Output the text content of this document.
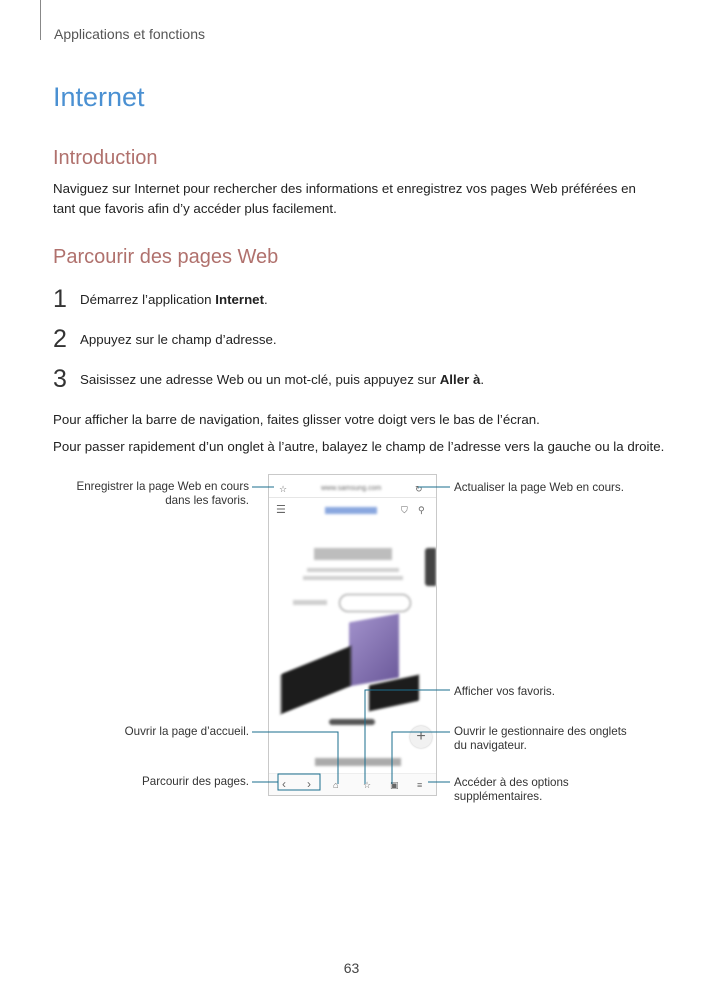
Applications et fonctions
Internet
Introduction
Naviguez sur Internet pour rechercher des informations et enregistrez vos pages Web préférées en
tant que favoris afin d’y accéder plus facilement.
Parcourir des pages Web
1 Démarrez l’application Internet.
2 Appuyez sur le champ d’adresse.
3 Saisissez une adresse Web ou un mot-clé, puis appuyez sur Aller à.
Pour afficher la barre de navigation, faites glisser votre doigt vers le bas de l’écran.
Pour passer rapidement d’un onglet à l’autre, balayez le champ de l’adresse vers la gauche ou la droite.
☆	www.samsung.com	↻
☰	⛉ ⚲
+
‹ › ⌂	☆ ▣ ≡
Enregistrer la page Web en cours
dans les favoris.
Actualiser la page Web en cours.
Afficher vos favoris.
Ouvrir la page d’accueil.	Ouvrir le gestionnaire des onglets
du navigateur.
Parcourir des pages.	Accéder à des options
supplémentaires.
63
